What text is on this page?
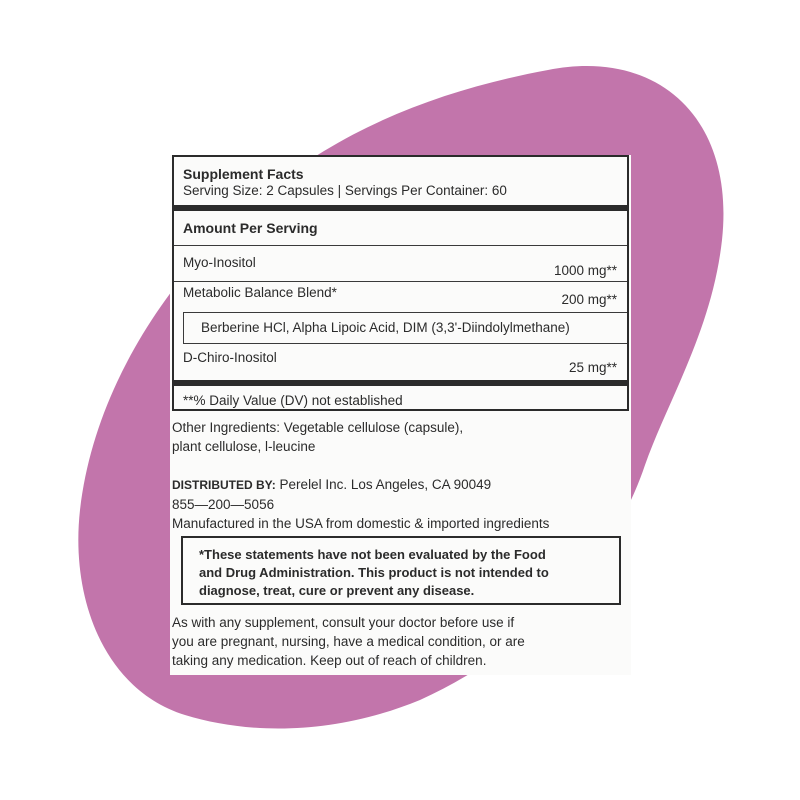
Supplement Facts
Serving Size: 2 Capsules | Servings Per Container: 60
Amount Per Serving
Myo-Inositol
1000 mg**
Metabolic Balance Blend*	200 mg**
Berberine HCl, Alpha Lipoic Acid, DIM (3,3'-Diindolylmethane)
D-Chiro-Inositol
25 mg**
**% Daily Value (DV) not established
Other Ingredients: Vegetable cellulose (capsule),
plant cellulose, l-leucine
DISTRIBUTED BY: Perelel Inc. Los Angeles, CA 90049
855—200—5056
Manufactured in the USA from domestic & imported ingredients
*These statements have not been evaluated by the Food
and Drug Administration. This product is not intended to
diagnose, treat, cure or prevent any disease.
As with any supplement, consult your doctor before use if
you are pregnant, nursing, have a medical condition, or are
taking any medication. Keep out of reach of children.
